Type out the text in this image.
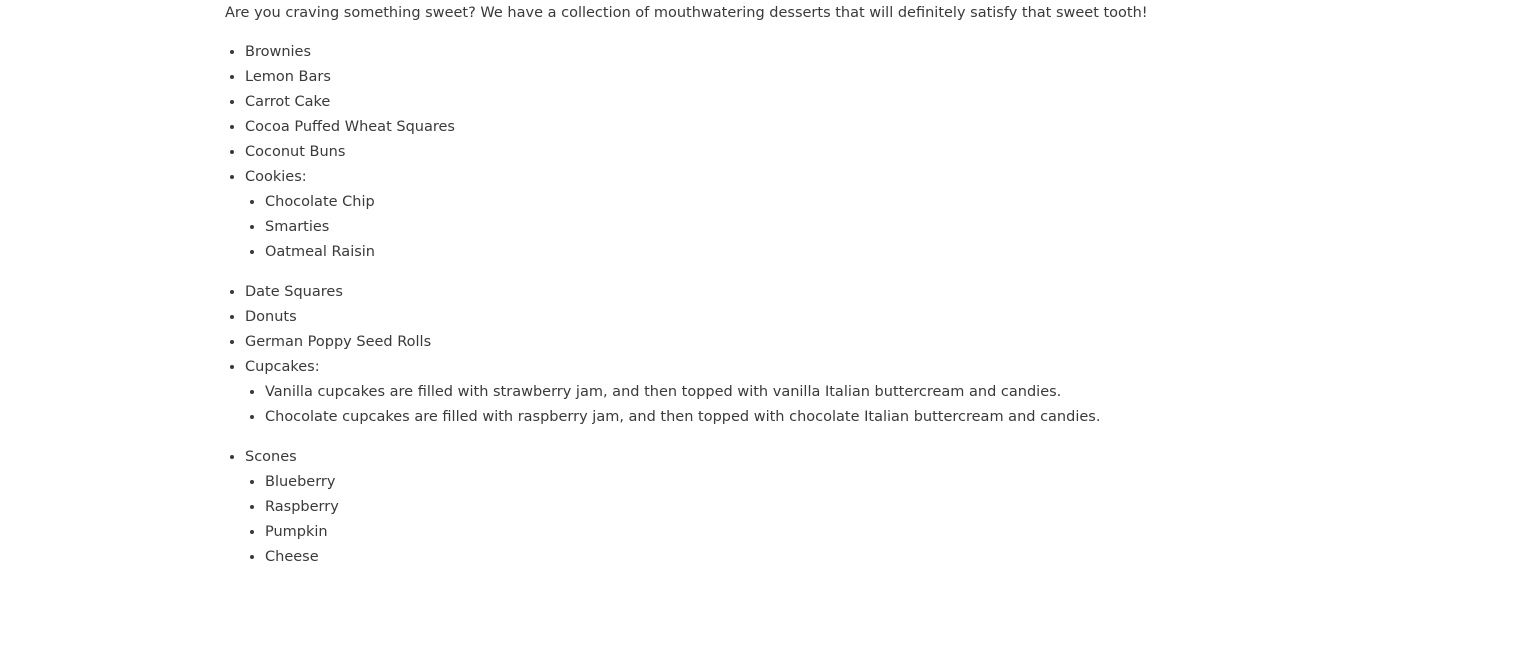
Are you craving something sweet? We have a collection of mouthwatering desserts that will definitely satisfy that sweet tooth!

• Brownies
• Lemon Bars
• Carrot Cake
• Cocoa Puffed Wheat Squares
• Coconut Buns
• Cookies:
• Chocolate Chip
• Smarties
• Oatmeal Raisin
• Date Squares
• Donuts
• German Poppy Seed Rolls
• Cupcakes:
• Vanilla cupcakes are filled with strawberry jam, and then topped with vanilla Italian buttercream and candies.
• Chocolate cupcakes are filled with raspberry jam, and then topped with chocolate Italian buttercream and candies.
• Scones
• Blueberry
• Raspberry
• Pumpkin
• Cheese
